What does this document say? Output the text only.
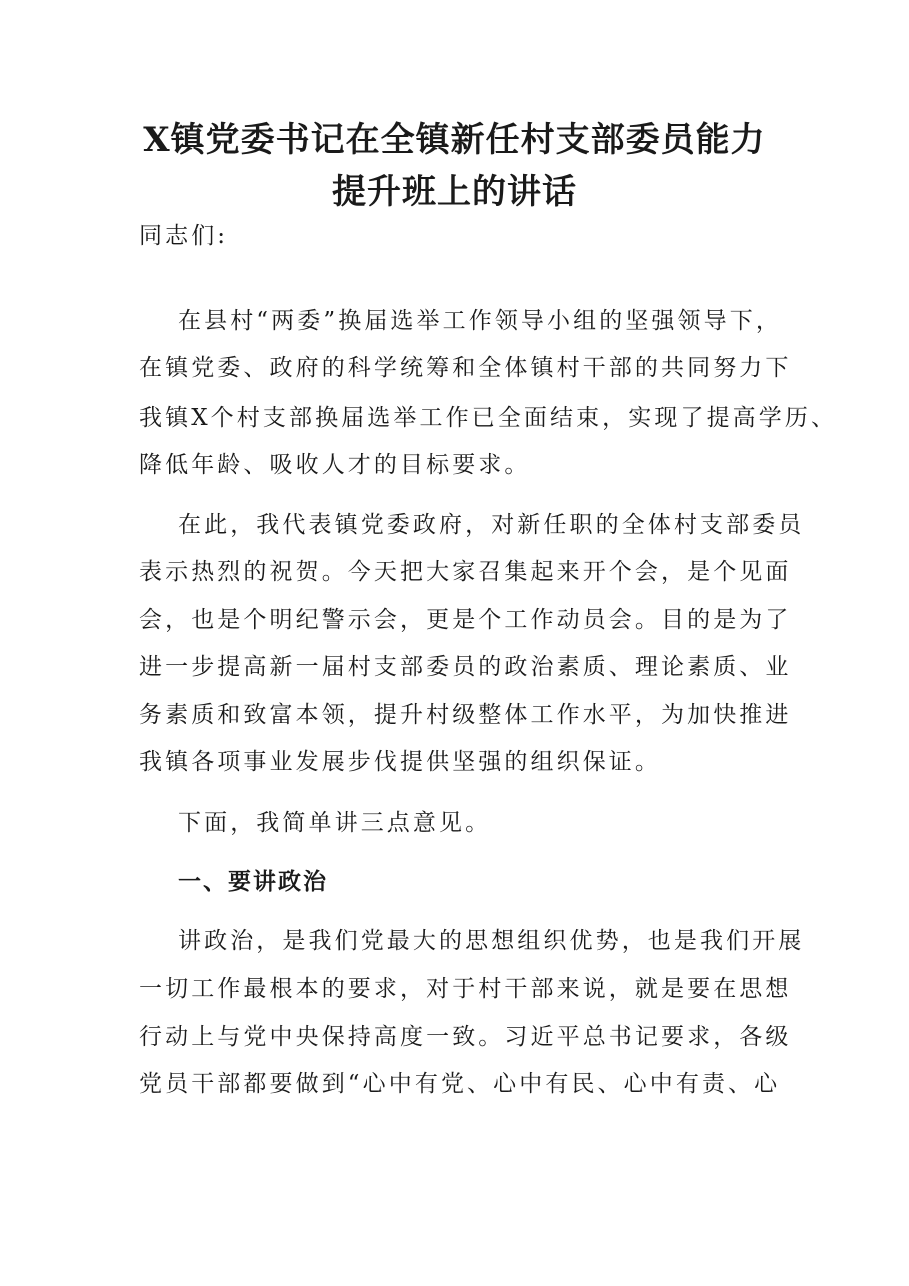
X镇党委书记在全镇新任村支部委员能力
提升班上的讲话
同志们:
在县村“两委”换届选举工作领导小组的坚强领导下，
在镇党委、政府的科学统筹和全体镇村干部的共同努力下
我镇X个村支部换届选举工作已全面结束，实现了提高学历、
降低年龄、吸收人才的目标要求。
在此，我代表镇党委政府，对新任职的全体村支部委员
表示热烈的祝贺。今天把大家召集起来开个会，是个见面
会，也是个明纪警示会，更是个工作动员会。目的是为了
进一步提高新一届村支部委员的政治素质、理论素质、业
务素质和致富本领，提升村级整体工作水平，为加快推进
我镇各项事业发展步伐提供坚强的组织保证。
下面，我简单讲三点意见。
一、要讲政治
讲政治，是我们党最大的思想组织优势，也是我们开展
一切工作最根本的要求，对于村干部来说，就是要在思想
行动上与党中央保持高度一致。习近平总书记要求，各级
党员干部都要做到“心中有党、心中有民、心中有责、心
